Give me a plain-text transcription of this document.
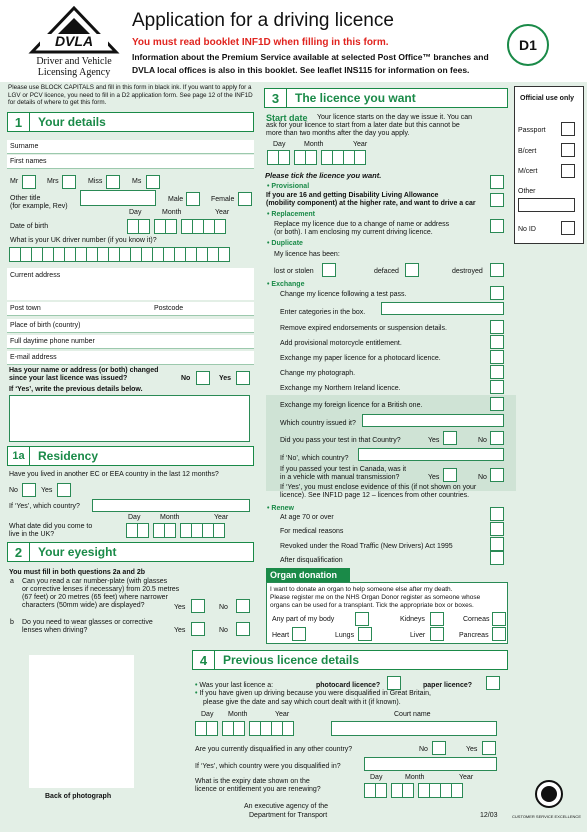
DVLA
Driver and Vehicle
Licensing Agency
Application for a driving licence
You must read booklet INF1D when filling in this form.
Information about the Premium Service available at selected Post Office™ branches and
DVLA local offices is also in this booklet. See leaflet INS115 for information on fees.
D1
Please use BLOCK CAPITALS and fill in this form in black ink. If you want to apply for a LGV or PCV licence, you need to fill in a D2 application form. See page 12 of the INF1D for details of where to get this form.
1	Your details
Surname
First names
Mr	Mrs	Miss	Ms
Other title
(for example, Rev)
Male	Female
Day	Month	Year
Date of birth
What is your UK driver number (if you know it)?
Current address
Post town	Postcode
Place of birth (country)
Full daytime phone number
E-mail address
Has your name or address (or both) changed
since your last licence was issued?	No	Yes
If ‘Yes’, write the previous details below.
1a	Residency
Have you lived in another EC or EEA country in the last 12 months?
No	Yes
If ‘Yes’, which country?
Day	Month	Year
What date did you come to
live in the UK?
2	Your eyesight
You must fill in both questions 2a and 2b
a Can you read a car number-plate (with glasses
or corrective lenses if necessary) from 20.5 metres
(67 feet) or 20 metres (65 feet) where narrower
characters (50mm wide) are displayed?	Yes	No
b Do you need to wear glasses or corrective
lenses when driving?	Yes	No
Back of photograph
Official use only
Passport
B/cert
M/cert
Other
No ID
3	The licence you want
Start date Your licence starts on the day we issue it. You can
ask for your licence to start from a later date but this cannot be
more than two months after the day you apply.
Day	Month	Year
Please tick the licence you want.
• Provisional
If you are 16 and getting Disability Living Allowance
(mobility component) at the higher rate, and want to drive a car
• Replacement
Replace my licence due to a change of name or address
(or both). I am enclosing my current driving licence.
• Duplicate
My licence has been:
lost or stolen	defaced	destroyed
• Exchange
Change my licence following a test pass.
Enter categories in the box.
Remove expired endorsements or suspension details.
Add provisional motorcycle entitlement.
Exchange my paper licence for a photocard licence.
Change my photograph.
Exchange my Northern Ireland licence.
Exchange my foreign licence for a British one.
Which country issued it?
Did you pass your test in that Country?	Yes	No
If ‘No’, which country?
If you passed your test in Canada, was it
in a vehicle with manual transmission?	Yes	No
If ‘Yes’, you must enclose evidence of this (if not shown on your
licence). See INF1D page 12 – licences from other countries.
• Renew
At age 70 or over
For medical reasons
Revoked under the Road Traffic (New Drivers) Act 1995
After disqualification
Organ donation
I want to donate an organ to help someone else after my death.
Please register me on the NHS Organ Donor register as someone whose
organs can be used for a transplant. Tick the appropriate box or boxes.
Any part of my body	Kidneys	Corneas
Heart	Lungs	Liver	Pancreas
4	Previous licence details
• Was your last licence a:	photocard licence?	paper licence?
• If you have given up driving because you were disqualified in Great Britain,
please give the date and say which court dealt with it (if known).
Day Month	Year	Court name
Are you currently disqualified in any other country?	No	Yes
If ‘Yes’, which country were you disqualified in?
Day	Month	Year
What is the expiry date shown on the
licence or entitlement you are renewing?
An executive agency of the
Department for Transport	12/03	CUSTOMER SERVICE EXCELLENCE
